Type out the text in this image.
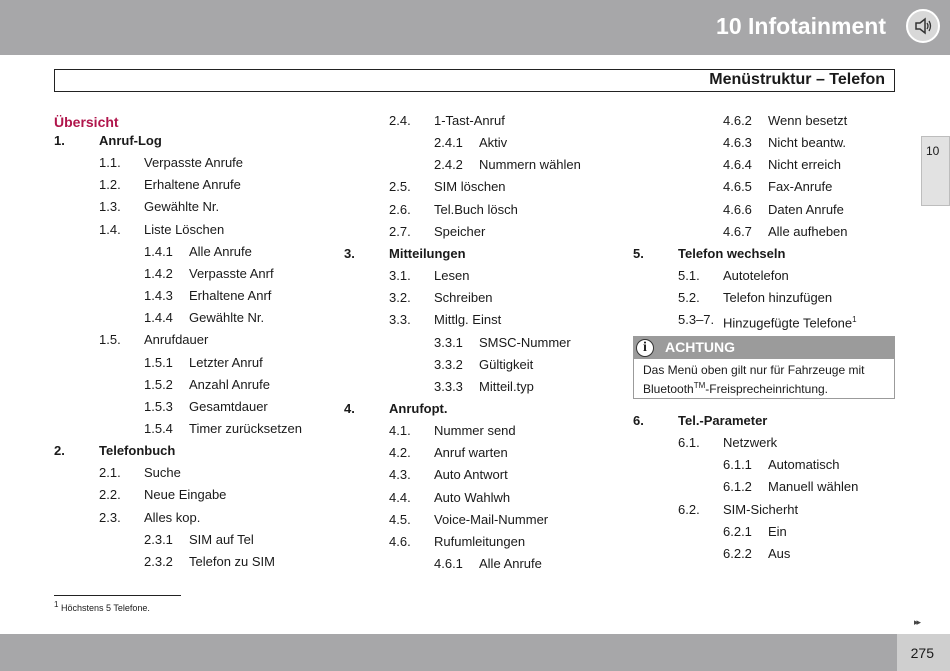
10 Infotainment
Menüstruktur – Telefon
10
Übersicht
1.	Anruf-Log
1.1. Verpasste Anrufe
1.2. Erhaltene Anrufe
1.3. Gewählte Nr.
1.4. Liste Löschen
1.4.1 Alle Anrufe
1.4.2 Verpasste Anrf
1.4.3 Erhaltene Anrf
1.4.4 Gewählte Nr.
1.5. Anrufdauer
1.5.1 Letzter Anruf
1.5.2 Anzahl Anrufe
1.5.3 Gesamtdauer
1.5.4 Timer zurücksetzen
2.	Telefonbuch
2.1. Suche
2.2. Neue Eingabe
2.3. Alles kop.
2.3.1 SIM auf Tel
2.3.2 Telefon zu SIM
2.4. 1-Tast-Anruf
2.4.1 Aktiv
2.4.2 Nummern wählen
2.5. SIM löschen
2.6. Tel.Buch lösch
2.7. Speicher
3.	Mitteilungen
3.1. Lesen
3.2. Schreiben
3.3. Mittlg. Einst
3.3.1 SMSC-Nummer
3.3.2 Gültigkeit
3.3.3 Mitteil.typ
4.	Anrufopt.
4.1. Nummer send
4.2. Anruf warten
4.3. Auto Antwort
4.4. Auto Wahlwh
4.5. Voice-Mail-Nummer
4.6. Rufumleitungen
4.6.1 Alle Anrufe
4.6.2 Wenn besetzt
4.6.3 Nicht beantw.
4.6.4 Nicht erreich
4.6.5 Fax-Anrufe
4.6.6 Daten Anrufe
4.6.7 Alle aufheben
5.	Telefon wechseln
5.1. Autotelefon
5.2. Telefon hinzufügen
5.3–7. Hinzugefügte Telefone$^1$
6.	Tel.-Parameter
6.1. Netzwerk
6.1.1 Automatisch
6.1.2 Manuell wählen
6.2. SIM-Sicherht
6.2.1 Ein
6.2.2 Aus
i	ACHTUNG
Das Menü oben gilt nur für Fahrzeuge mit Bluetooth™-Freisprecheinrichtung.
$^1$ Höchstens 5 Telefone.
▸▸
275
